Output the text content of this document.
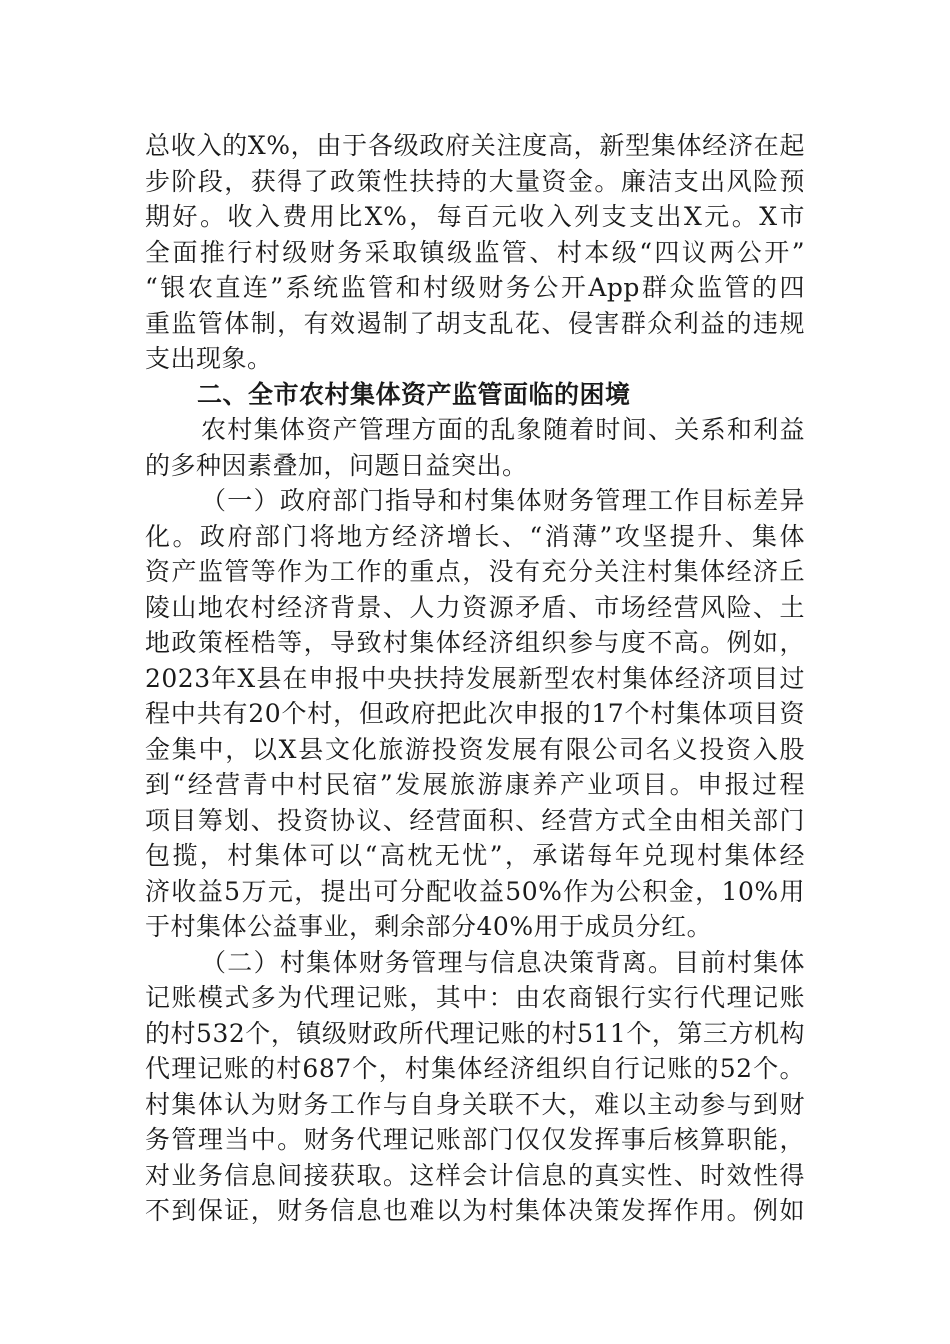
总收入的X%，由于各级政府关注度高，新型集体经济在起
步阶段，获得了政策性扶持的大量资金。廉洁支出风险预
期好。收入费用比X%，每百元收入列支支出X元。X市
全面推行村级财务采取镇级监管、村本级“四议两公开”
“银农直连”系统监管和村级财务公开App群众监管的四
重监管体制，有效遏制了胡支乱花、侵害群众利益的违规
支出现象。
二、全市农村集体资产监管面临的困境
农村集体资产管理方面的乱象随着时间、关系和利益
的多种因素叠加，问题日益突出。
（一）政府部门指导和村集体财务管理工作目标差异
化。政府部门将地方经济增长、“消薄”攻坚提升、集体
资产监管等作为工作的重点，没有充分关注村集体经济丘
陵山地农村经济背景、人力资源矛盾、市场经营风险、土
地政策桎梏等，导致村集体经济组织参与度不高。例如，
2023年X县在申报中央扶持发展新型农村集体经济项目过
程中共有20个村，但政府把此次申报的17个村集体项目资
金集中，以X县文化旅游投资发展有限公司名义投资入股
到“经营青中村民宿”发展旅游康养产业项目。申报过程
项目筹划、投资协议、经营面积、经营方式全由相关部门
包揽，村集体可以“高枕无忧”，承诺每年兑现村集体经
济收益5万元，提出可分配收益50%作为公积金，10%用
于村集体公益事业，剩余部分40%用于成员分红。
（二）村集体财务管理与信息决策背离。目前村集体
记账模式多为代理记账，其中：由农商银行实行代理记账
的村532个，镇级财政所代理记账的村511个，第三方机构
代理记账的村687个，村集体经济组织自行记账的52个。
村集体认为财务工作与自身关联不大，难以主动参与到财
务管理当中。财务代理记账部门仅仅发挥事后核算职能，
对业务信息间接获取。这样会计信息的真实性、时效性得
不到保证，财务信息也难以为村集体决策发挥作用。例如
